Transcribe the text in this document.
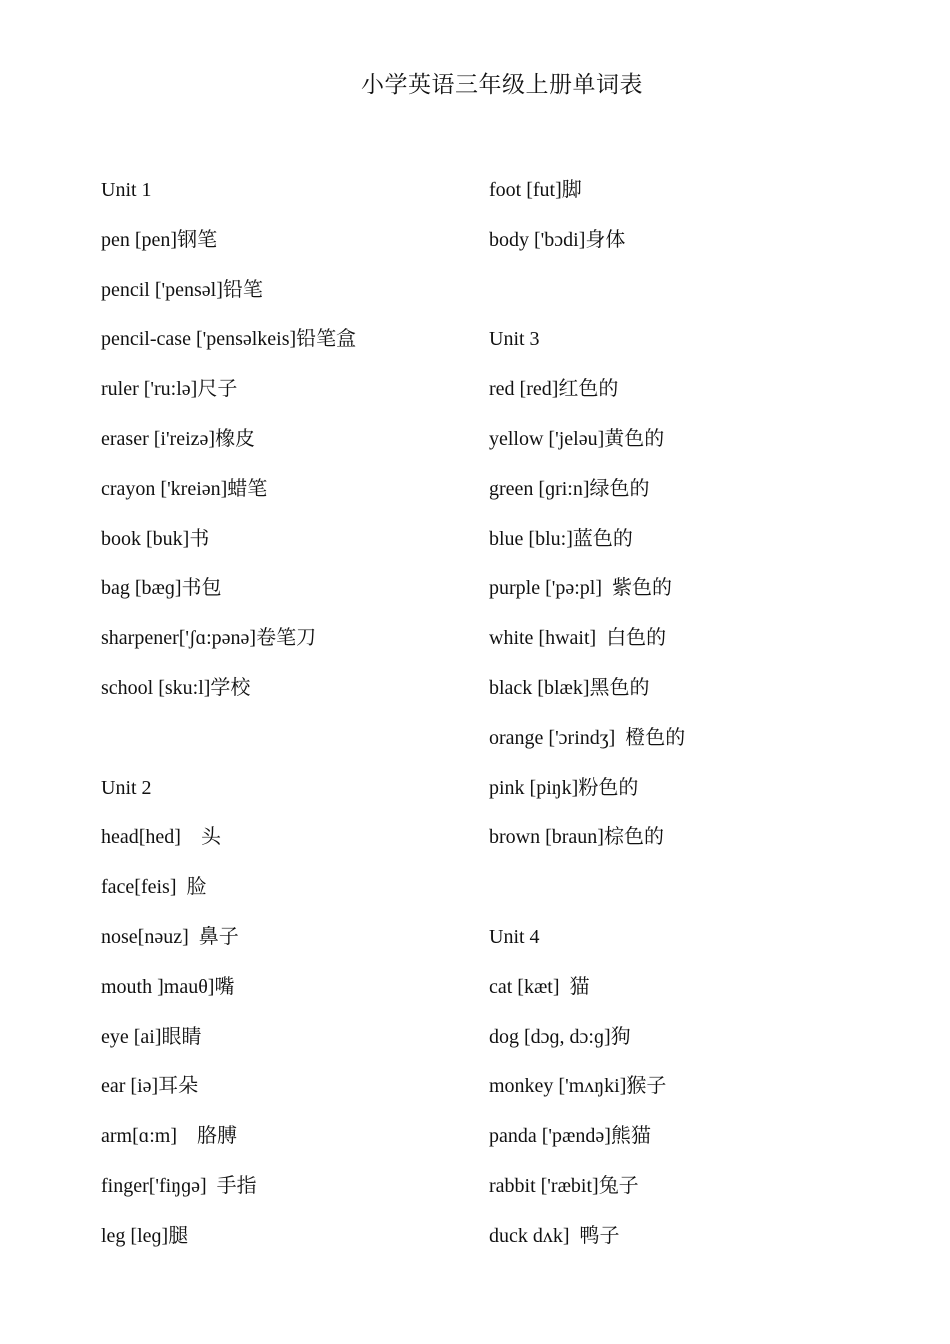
小学英语三年级上册单词表
Unit 1
pen [pen]钢笔
pencil ['pensəl]铅笔
pencil-case ['pensəlkeis]铅笔盒
ruler ['ru:lə]尺子
eraser [i'reizə]橡皮
crayon ['kreiən]蜡笔
book [buk]书
bag [bæɡ]书包
sharpener['ʃɑ:pənə]卷笔刀
school [sku:l]学校
Unit 2
head[hed]    头
face[feis]  脸
nose[nəuz]  鼻子
mouth ]mauθ]嘴
eye [ai]眼睛
ear [iə]耳朵
arm[ɑ:m]    胳膊
finger['fiŋɡə]  手指
leg [leɡ]腿
foot [fut]脚
body ['bɔdi]身体
Unit 3
red [red]红色的
yellow ['jeləu]黄色的
green [ɡri:n]绿色的
blue [blu:]蓝色的
purple ['pə:pl]  紫色的
white [hwait]  白色的
black [blæk]黑色的
orange ['ɔrindʒ]  橙色的
pink [piŋk]粉色的
brown [braun]棕色的
Unit 4
cat [kæt]  猫
dog [dɔɡ, dɔ:ɡ]狗
monkey ['mʌŋki]猴子
panda ['pændə]熊猫
rabbit ['ræbit]兔子
duck dʌk]  鸭子
